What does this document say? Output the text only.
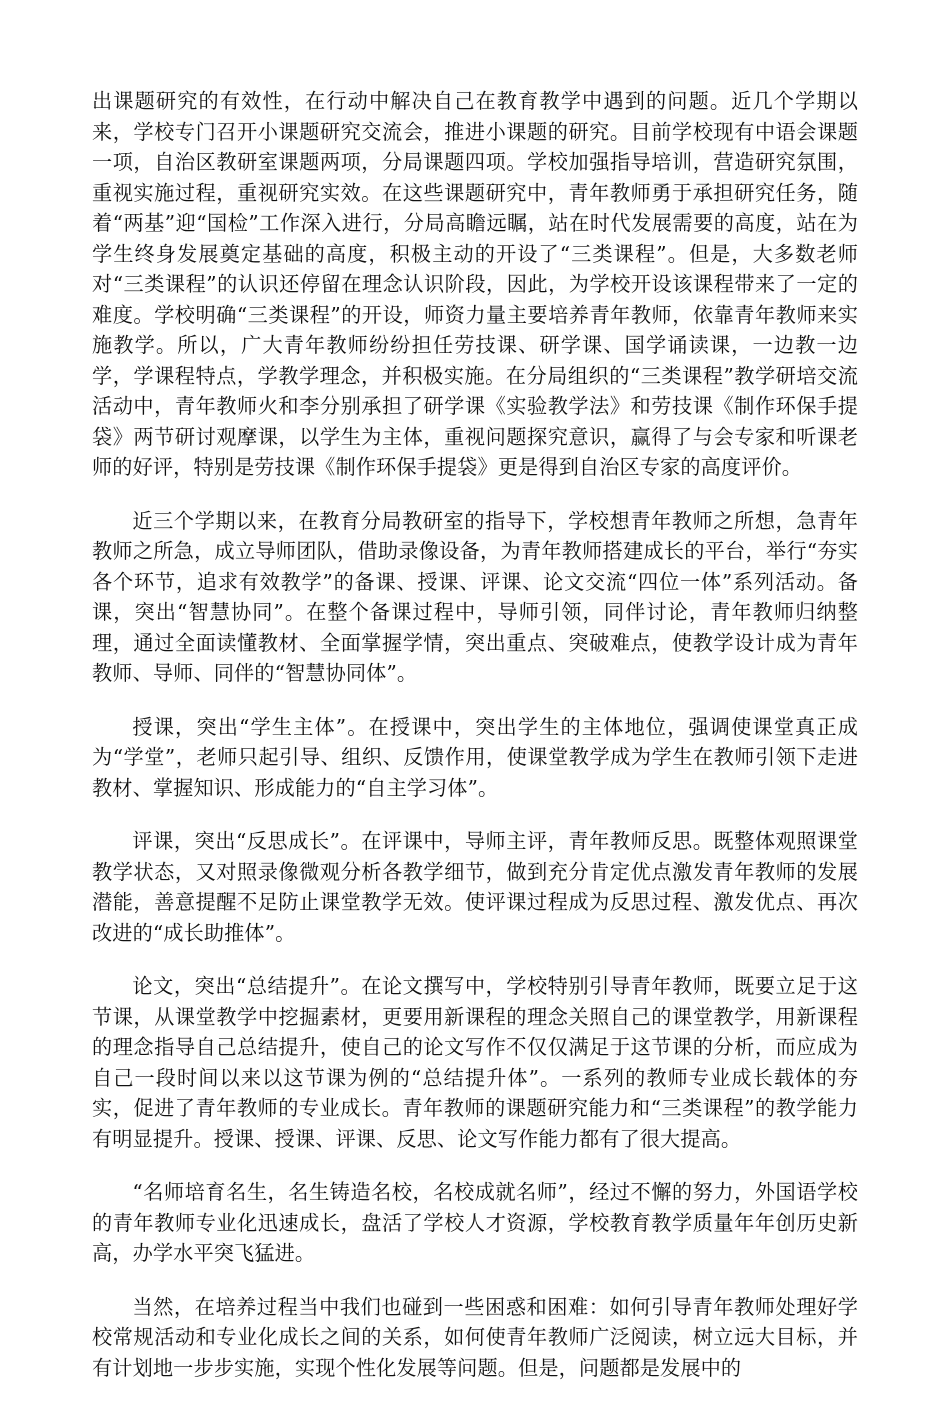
出课题研究的有效性，在行动中解决自己在教育教学中遇到的问题。近几个学期以来，学校专门召开小课题研究交流会，推进小课题的研究。目前学校现有中语会课题一项，自治区教研室课题两项，分局课题四项。学校加强指导培训，营造研究氛围，重视实施过程，重视研究实效。在这些课题研究中，青年教师勇于承担研究任务，随着“两基”迎“国检”工作深入进行，分局高瞻远瞩，站在时代发展需要的高度，站在为学生终身发展奠定基础的高度，积极主动的开设了“三类课程”。但是，大多数老师对“三类课程”的认识还停留在理念认识阶段，因此，为学校开设该课程带来了一定的难度。学校明确“三类课程”的开设，师资力量主要培养青年教师，依靠青年教师来实施教学。所以，广大青年教师纷纷担任劳技课、研学课、国学诵读课，一边教一边学，学课程特点，学教学理念，并积极实施。在分局组织的“三类课程”教学研培交流活动中，青年教师火和李分别承担了研学课《实验教学法》和劳技课《制作环保手提袋》两节研讨观摩课，以学生为主体，重视问题探究意识，赢得了与会专家和听课老师的好评，特别是劳技课《制作环保手提袋》更是得到自治区专家的高度评价。

近三个学期以来，在教育分局教研室的指导下，学校想青年教师之所想，急青年教师之所急，成立导师团队，借助录像设备，为青年教师搭建成长的平台，举行“夯实各个环节，追求有效教学”的备课、授课、评课、论文交流“四位一体”系列活动。备课，突出“智慧协同”。在整个备课过程中，导师引领，同伴讨论，青年教师归纳整理，通过全面读懂教材、全面掌握学情，突出重点、突破难点，使教学设计成为青年教师、导师、同伴的“智慧协同体”。

授课，突出“学生主体”。在授课中，突出学生的主体地位，强调使课堂真正成为“学堂”，老师只起引导、组织、反馈作用，使课堂教学成为学生在教师引领下走进教材、掌握知识、形成能力的“自主学习体”。

评课，突出“反思成长”。在评课中，导师主评，青年教师反思。既整体观照课堂教学状态，又对照录像微观分析各教学细节，做到充分肯定优点激发青年教师的发展潜能，善意提醒不足防止课堂教学无效。使评课过程成为反思过程、激发优点、再次改进的“成长助推体”。

论文，突出“总结提升”。在论文撰写中，学校特别引导青年教师，既要立足于这节课，从课堂教学中挖掘素材，更要用新课程的理念关照自己的课堂教学，用新课程的理念指导自己总结提升，使自己的论文写作不仅仅满足于这节课的分析，而应成为自己一段时间以来以这节课为例的“总结提升体”。一系列的教师专业成长载体的夯实，促进了青年教师的专业成长。青年教师的课题研究能力和“三类课程”的教学能力有明显提升。授课、授课、评课、反思、论文写作能力都有了很大提高。

“名师培育名生，名生铸造名校，名校成就名师”，经过不懈的努力，外国语学校的青年教师专业化迅速成长，盘活了学校人才资源，学校教育教学质量年年创历史新高，办学水平突飞猛进。

当然，在培养过程当中我们也碰到一些困惑和困难：如何引导青年教师处理好学校常规活动和专业化成长之间的关系，如何使青年教师广泛阅读，树立远大目标，并有计划地一步步实施，实现个性化发展等问题。但是，问题都是发展中的
